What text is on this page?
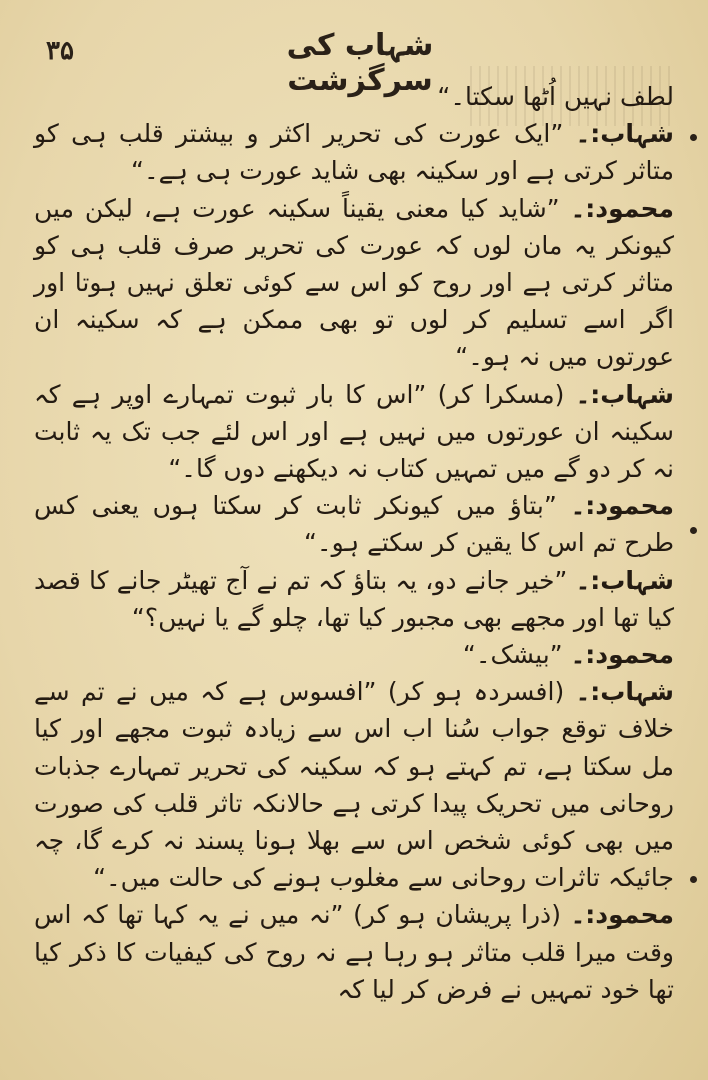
۳۵	شہاب کی سرگزشت لطف نہیں اُٹھا سکتا۔“

شہاب:۔ ”ایک عورت کی تحریر اکثر و بیشتر قلب ہی کو متاثر کرتی ہے اور سکینہ بھی شاید عورت ہی ہے۔“

محمود:۔ ”شاید کیا معنی یقیناً سکینہ عورت ہے، لیکن میں کیونکر یہ مان لوں کہ عورت کی تحریر صرف قلب ہی کو متاثر کرتی ہے اور روح کو اس سے کوئی تعلق نہیں ہوتا اور اگر اسے تسلیم کر لوں تو بھی ممکن ہے کہ سکینہ ان عورتوں میں نہ ہو۔“

شہاب:۔ (مسکرا کر) ”اس کا بار ثبوت تمہارے اوپر ہے کہ سکینہ ان عورتوں میں نہیں ہے اور اس لئے جب تک یہ ثابت نہ کر دو گے میں تمہیں کتاب نہ دیکھنے دوں گا۔“

محمود:۔ ”بتاؤ میں کیونکر ثابت کر سکتا ہوں یعنی کس طرح تم اس کا یقین کر سکتے ہو۔“

شہاب:۔ ”خیر جانے دو، یہ بتاؤ کہ تم نے آج تھیٹر جانے کا قصد کیا تھا اور مجھے بھی مجبور کیا تھا، چلو گے یا نہیں؟“

محمود:۔ ”بیشک۔“

شہاب:۔ (افسردہ ہو کر) ”افسوس ہے کہ میں نے تم سے خلاف توقع جواب سُنا اب اس سے زیادہ ثبوت مجھے اور کیا مل سکتا ہے، تم کہتے ہو کہ سکینہ کی تحریر تمہارے جذبات روحانی میں تحریک پیدا کرتی ہے حالانکہ تاثر قلب کی صورت میں بھی کوئی شخص اس سے بھلا ہونا پسند نہ کرے گا، چہ جائیکہ تاثرات روحانی سے مغلوب ہونے کی حالت میں۔“

محمود:۔ (ذرا پریشان ہو کر) ”نہ میں نے یہ کہا تھا کہ اس وقت میرا قلب متاثر ہو رہا ہے نہ روح کی کیفیات کا ذکر کیا تھا خود تمہیں نے فرض کر لیا کہ
